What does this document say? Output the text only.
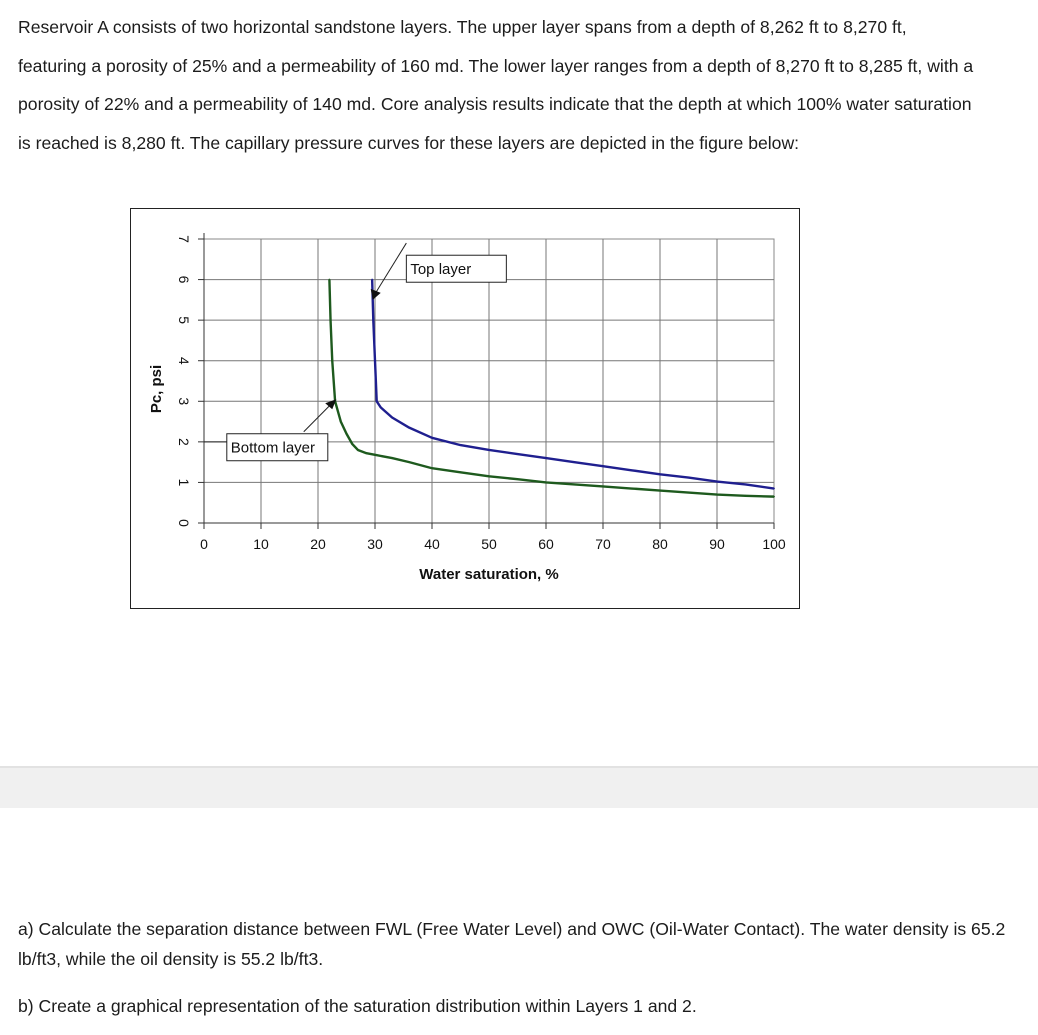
Reservoir A consists of two horizontal sandstone layers. The upper layer spans from a depth of 8,262 ft to 8,270 ft, featuring a porosity of 25% and a permeability of 160 md. The lower layer ranges from a depth of 8,270 ft to 8,285 ft, with a porosity of 22% and a permeability of 140 md. Core analysis results indicate that the depth at which 100% water saturation is reached is 8,280 ft. The capillary pressure curves for these layers are depicted in the figure below:

0	10	20	30	40	50	60	70	80	90	100
0
1
2
3
4
5
6
7
Water saturation, %
Pc, psi
Top layer
Bottom layer

a) Calculate the separation distance between FWL (Free Water Level) and OWC (Oil-Water Contact). The water density is 65.2 lb/ft3, while the oil density is 55.2 lb/ft3.

b) Create a graphical representation of the saturation distribution within Layers 1 and 2.
